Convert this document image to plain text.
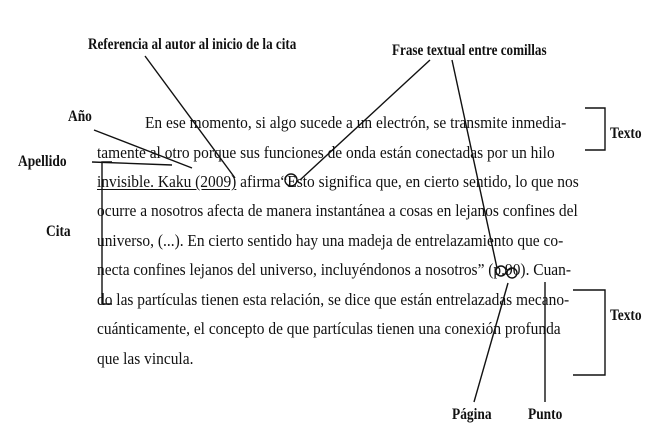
Referencia al autor al inicio de la cita	Frase textual entre comillas
Año
Apellido
Cita
Texto
Texto
Página Punto
En ese momento, si algo sucede a un electrón, se transmite inmedia-
tamente al otro porque sus funciones de onda están conectadas por un hilo
invisible. Kaku (2009) afirma“Esto significa que, en cierto sentido, lo que nos
ocurre a nosotros afecta de manera instantánea a cosas en lejanos confines del
universo, (...). En cierto sentido hay una madeja de entrelazamiento que co-
necta confines lejanos del universo, incluyéndonos a nosotros” (p.90). Cuan-
do las partículas tienen esta relación, se dice que están entrelazadas mecano-
cuánticamente, el concepto de que partículas tienen una conexión profunda
que las vincula.
